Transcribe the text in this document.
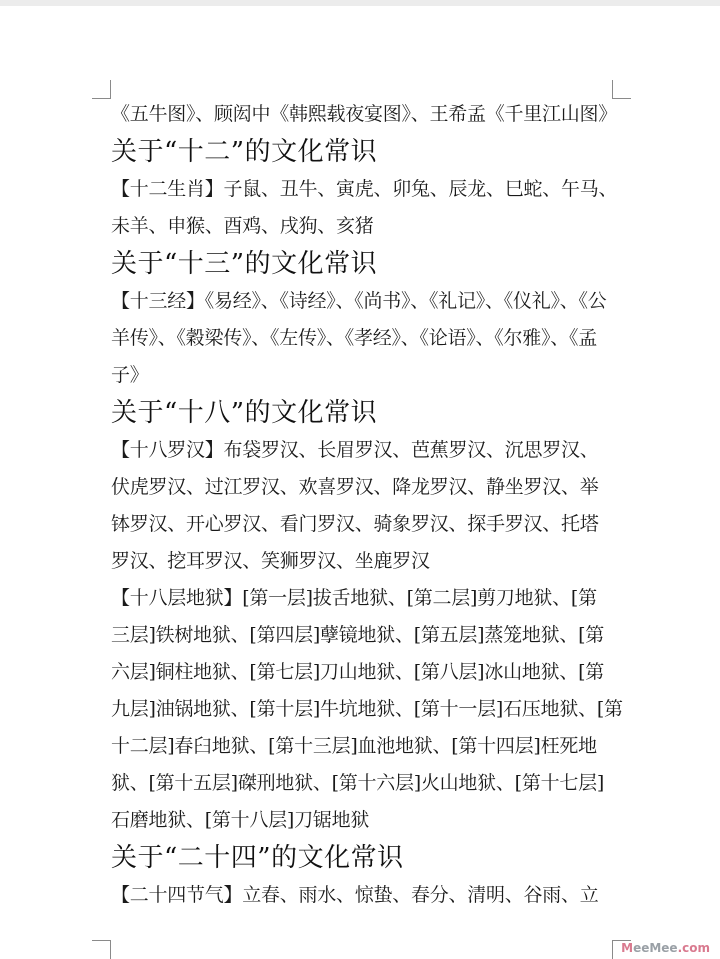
《五牛图》、顾闳中《韩熙载夜宴图》、王希孟《千里江山图》
关于“十二”的文化常识
【十二生肖】子鼠、丑牛、寅虎、卯兔、辰龙、巳蛇、午马、
未羊、申猴、酉鸡、戌狗、亥猪
关于“十三”的文化常识
【十三经】《易经》、《诗经》、《尚书》、《礼记》、《仪礼》、《公
羊传》、《穀梁传》、《左传》、《孝经》、《论语》、《尔雅》、《孟
子》
关于“十八”的文化常识
【十八罗汉】布袋罗汉、长眉罗汉、芭蕉罗汉、沉思罗汉、
伏虎罗汉、过江罗汉、欢喜罗汉、降龙罗汉、静坐罗汉、举
钵罗汉、开心罗汉、看门罗汉、骑象罗汉、探手罗汉、托塔
罗汉、挖耳罗汉、笑狮罗汉、坐鹿罗汉
【十八层地狱】[第一层]拔舌地狱、[第二层]剪刀地狱、[第
三层]铁树地狱、[第四层]孽镜地狱、[第五层]蒸笼地狱、[第
六层]铜柱地狱、[第七层]刀山地狱、[第八层]冰山地狱、[第
九层]油锅地狱、[第十层]牛坑地狱、[第十一层]石压地狱、[第
十二层]春臼地狱、[第十三层]血池地狱、[第十四层]枉死地
狱、[第十五层]磔刑地狱、[第十六层]火山地狱、[第十七层]
石磨地狱、[第十八层]刀锯地狱
关于“二十四”的文化常识
【二十四节气】立春、雨水、惊蛰、春分、清明、谷雨、立
MeeMee.com
